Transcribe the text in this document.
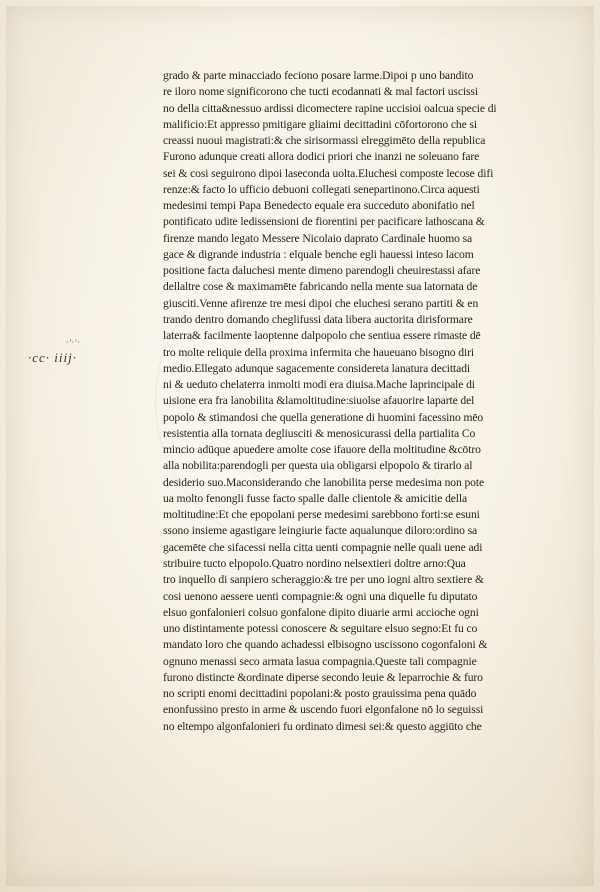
·cc· iiij·
·'·'·
grado & parte minacciado feciono posare larme.Dipoi p uno bandito
re iloro nome significorono che tucti ecodannati & mal factori uscissi
no della citta&nessuo ardissi dicomectere rapine uccisioi oalcua specie di
malificio:Et appresso pmitigare gliaimi decittadini cōfortorono che si
creassi nuoui magistrati:& che sirisormassi elreggimēto della republica
Furono adunque creati allora dodici priori che inanzi ne soleuano fare
sei & cosi seguirono dipoi laseconda uolta.Eluchesi composte lecose difi
renze:& facto lo ufficio debuoni collegati senepartinono.Circa aquesti
medesimi tempi Papa Benedecto equale era succeduto abonifatio nel
pontificato udite ledissensioni de fiorentini per pacificare lathoscana &
firenze mando legato Messere Nicolaio daprato Cardinale huomo sa
gace & digrande industria : elquale benche egli hauessi inteso lacom
positione facta daluchesi mente dimeno parendogli cheuirestassi afare
dellaltre cose & maximamēte fabricando nella mente sua latornata de
giusciti.Venne afirenze tre mesi dipoi che eluchesi serano partiti & en
trando dentro domando cheglifussi data libera auctorita dirisformare
laterra& facilmente laoptenne dalpopolo che sentiua essere rimaste dē
tro molte reliquie della proxima infermita che haueuano bisogno diri
medio.Ellegato adunque sagacemente considereta lanatura decittadi
ni & ueduto chelaterra inmolti modi era diuisa.Mache laprincipale di
uisione era fra lanobilita &lamoltitudine:siuolse afauorire laparte del
popolo & stimandosi che quella generatione di huomini facessino mēo
resistentia alla tornata degliusciti & menosicurassi della partialita Co
mincio adūque apuedere amolte cose ifauore della moltitudine &cōtro
alla nobilita:parendogli per questa uia obligarsi elpopolo & tirarlo al
desiderio suo.Maconsiderando che lanobilita perse medesima non pote
ua molto fenongli fusse facto spalle dalle clientole & amicitie della
moltitudine:Et che epopolani perse medesimi sarebbono forti:se esuni
ssono insieme agastigare leingiurie facte aqualunque diloro:ordino sa
gacemēte che sifacessi nella citta uenti compagnie nelle quali uene adi
stribuire tucto elpopolo.Quatro nordino nelsextieri doltre arno:Qua
tro inquello di sanpiero scheraggio:& tre per uno iogni altro sextiere &
cosi uenono aessere uenti compagnie:& ogni una diquelle fu diputato
elsuo gonfalonieri colsuo gonfalone dipito diuarie armi accioche ogni
uno distintamente potessi conoscere & seguitare elsuo segno:Et fu co
mandato loro che quando achadessi elbisogno uscissono cogonfaloni &
ognuno menassi seco armata lasua compagnia.Queste tali compagnie
furono distincte &ordinate diperse secondo leuie & leparrochie & furo
no scripti enomi decittadini popolani:& posto grauissima pena quādo
enonfussino presto in arme & uscendo fuori elgonfalone nō lo seguissi
no eltempo algonfalonieri fu ordinato dimesi sei:& questo aggiūto che
